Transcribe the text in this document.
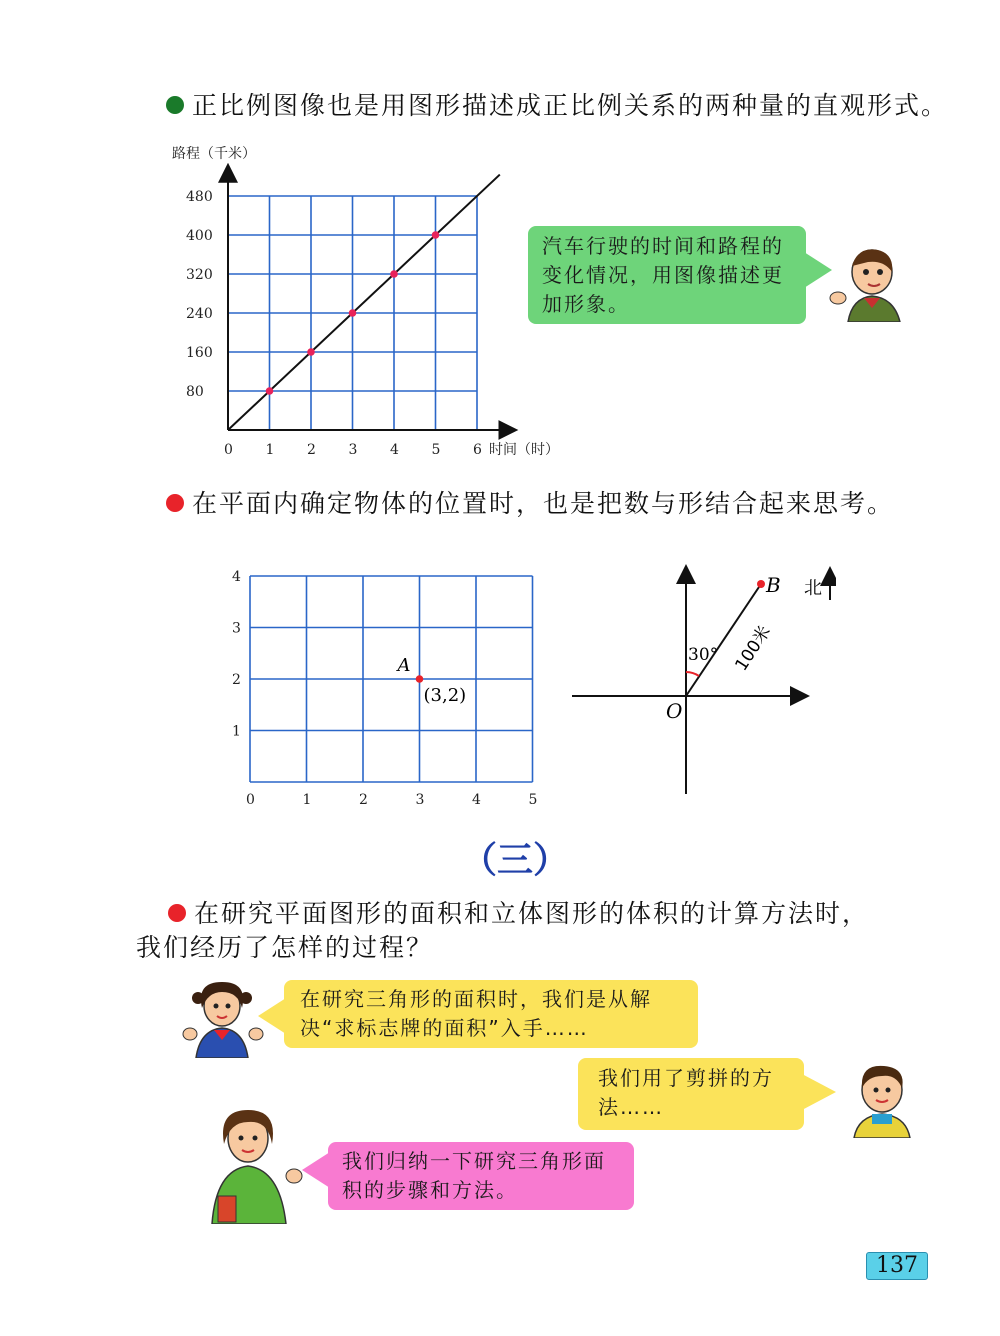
正比例图像也是用图形描述成正比例关系的两种量的直观形式。
0 1 2 3 4 5 6
80
160
240
320
400
480
路程（千米）
时间（时）
汽车行驶的时间和路程的变化情况，用图像描述更加形象。
在平面内确定物体的位置时，也是把数与形结合起来思考。
0	1	2	3	4	5
1
2
3
4
A
(3,2)
B
O
30° 100米
北
（三）
在研究平面图形的面积和立体图形的体积的计算方法时，
我们经历了怎样的过程？
在研究三角形的面积时，我们是从解决“求标志牌的面积”入手……
我们用了剪拼的方法……
我们归纳一下研究三角形面积的步骤和方法。
137
